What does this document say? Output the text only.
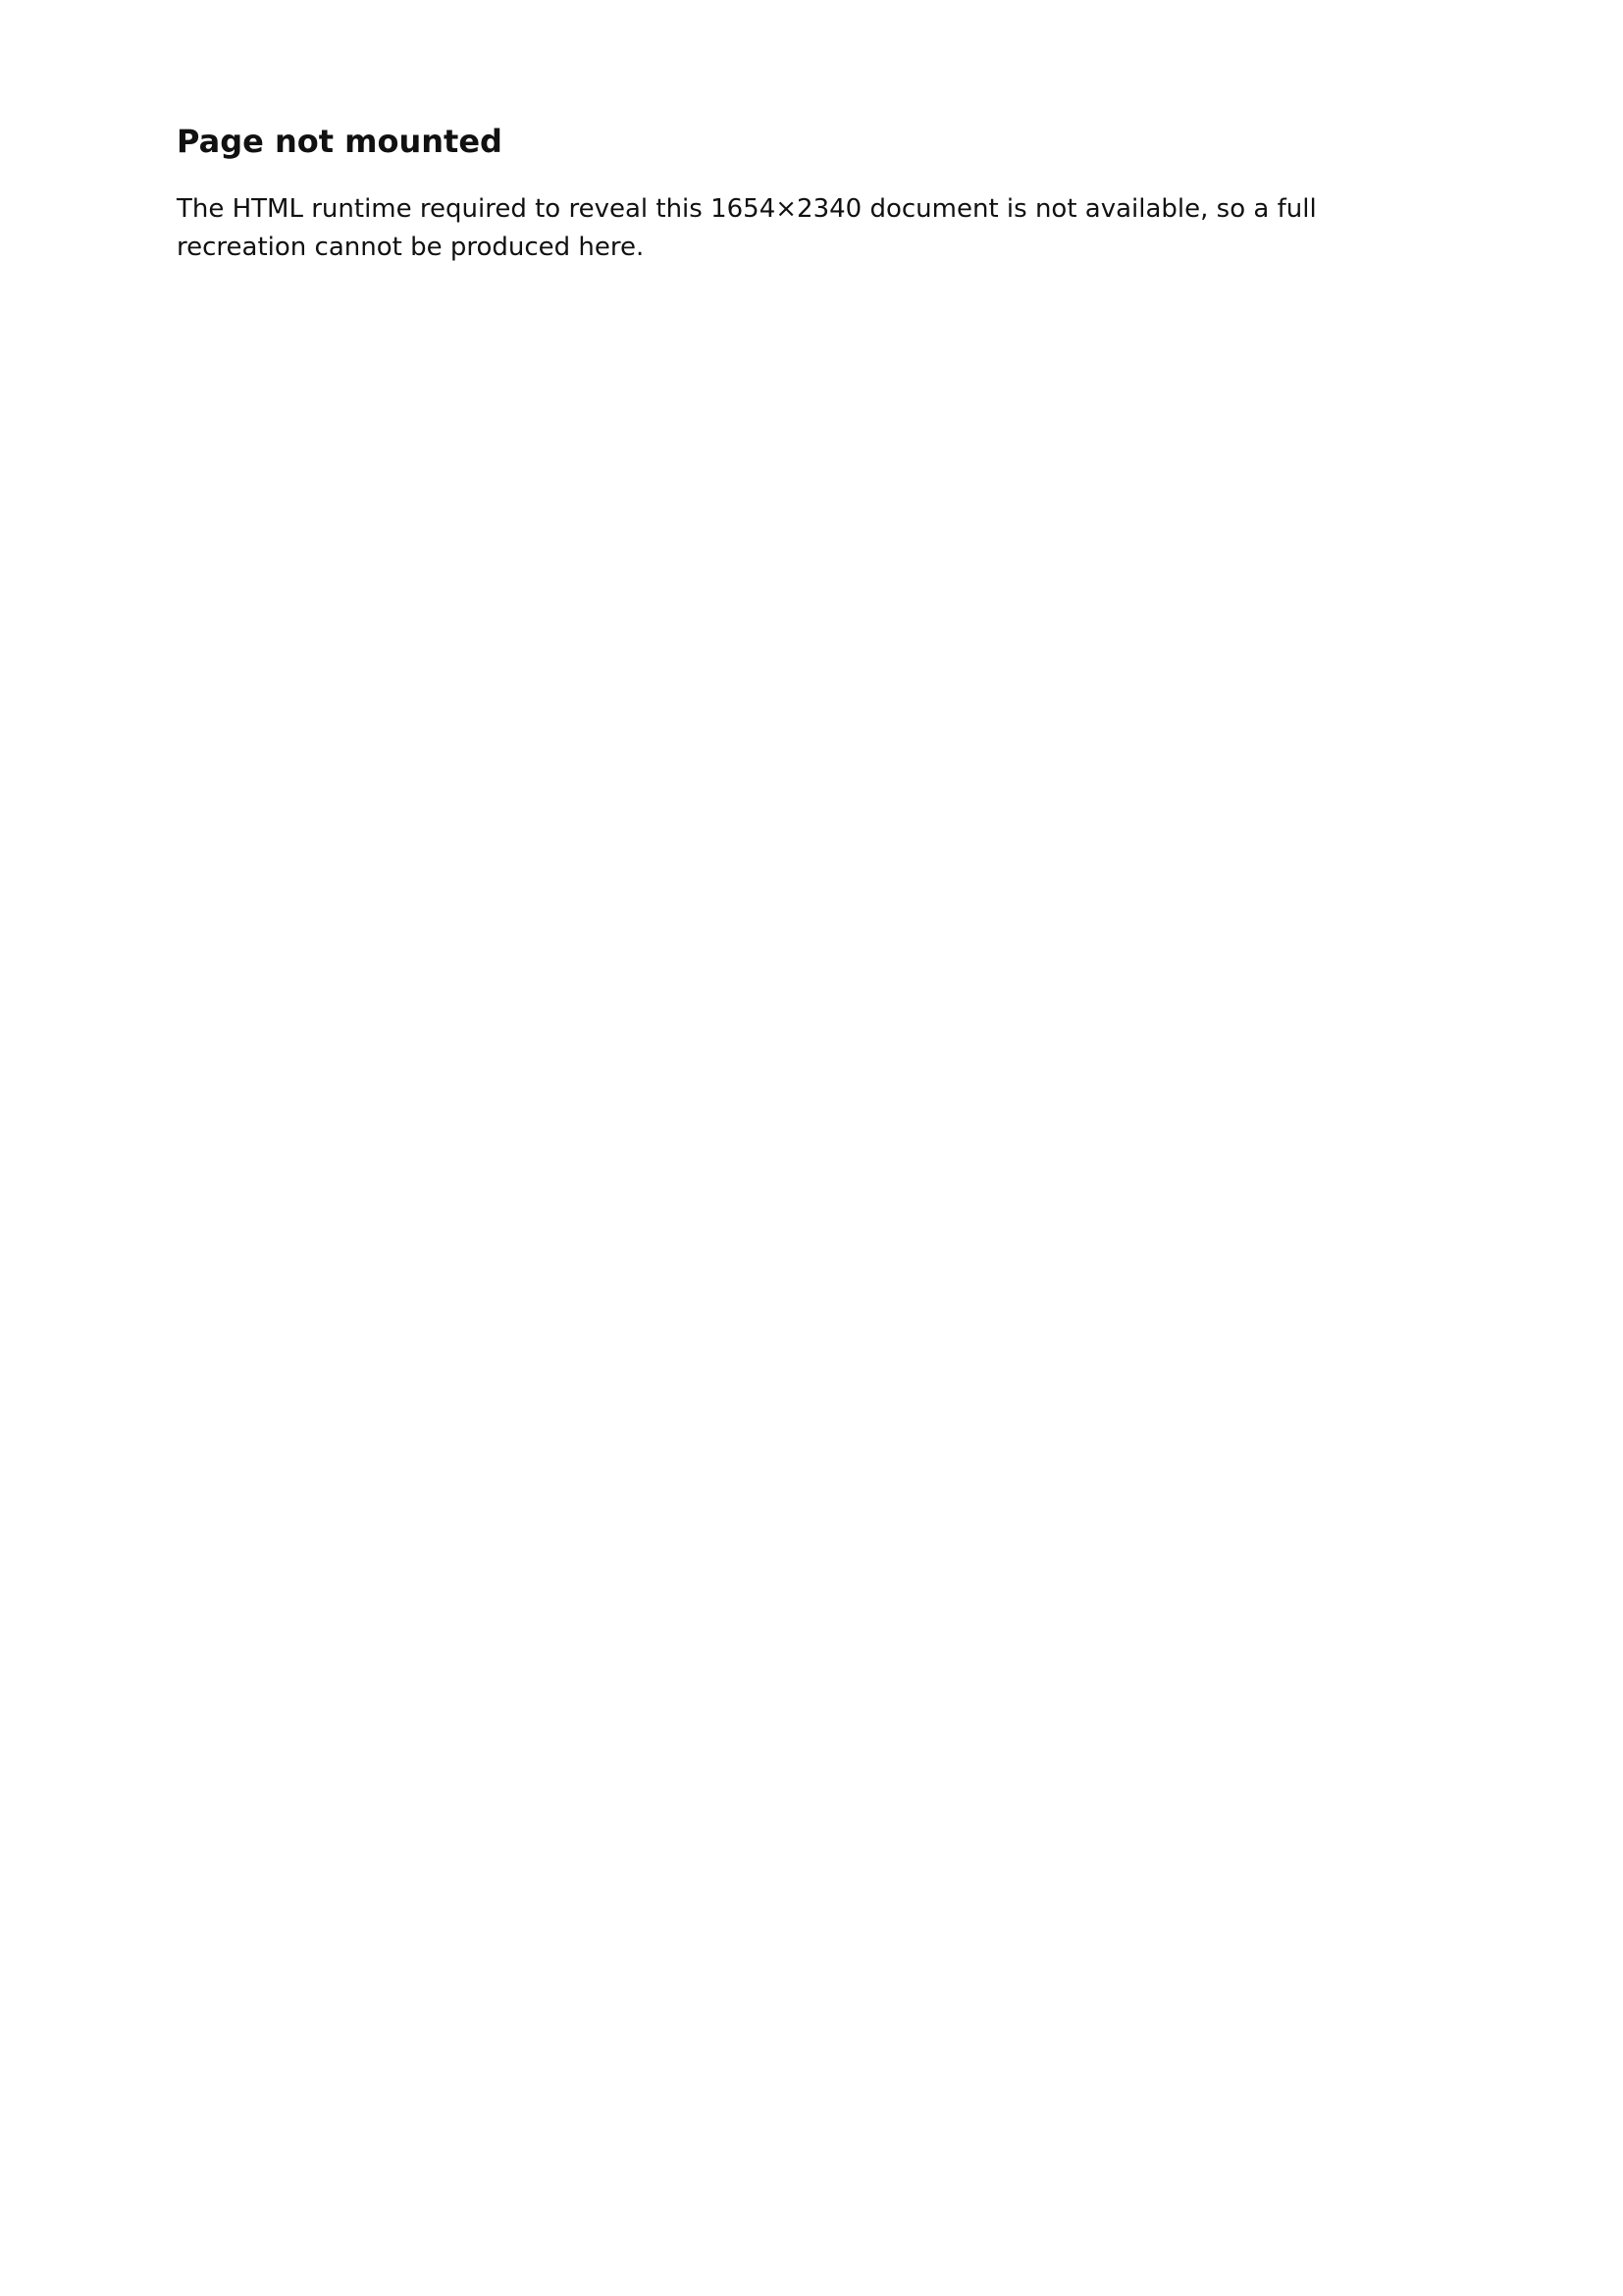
Page not mounted

The HTML runtime required to reveal this 1654×2340 document is not available, so a full recreation cannot be produced here.
